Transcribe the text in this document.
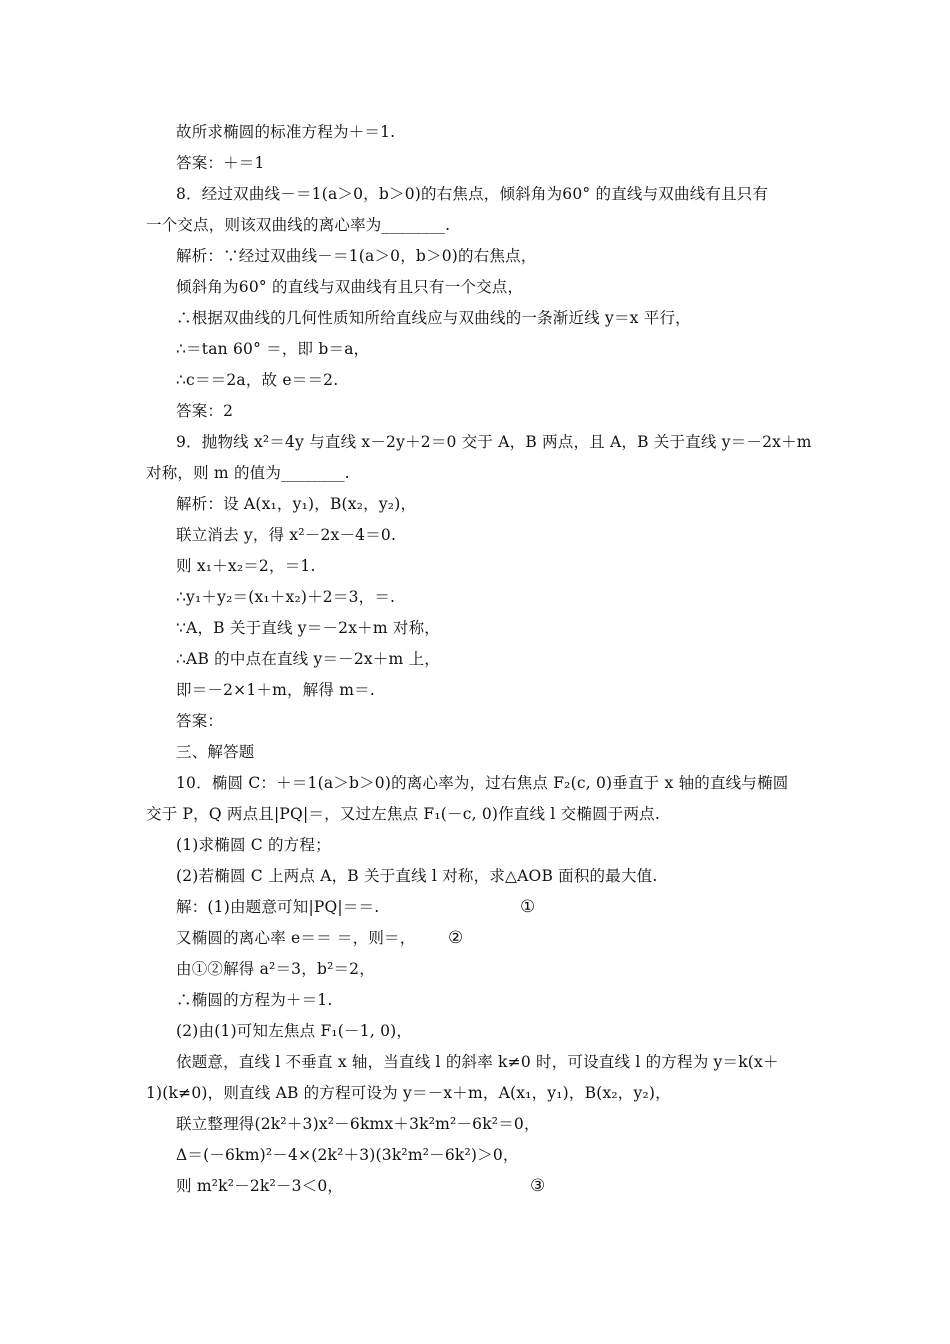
故所求椭圆的标准方程为＋＝1.
答案：＋＝1
8．经过双曲线－＝1(a＞0，b＞0)的右焦点，倾斜角为60° 的直线与双曲线有且只有
一个交点，则该双曲线的离心率为________.
解析：∵经过双曲线－＝1(a＞0，b＞0)的右焦点，
倾斜角为60° 的直线与双曲线有且只有一个交点，
∴根据双曲线的几何性质知所给直线应与双曲线的一条渐近线 y＝x 平行，
∴＝tan 60° ＝，即 b＝a，
∴c＝＝2a，故 e＝＝2.
答案：2
9．抛物线 x²＝4y 与直线 x－2y＋2＝0 交于 A，B 两点，且 A，B 关于直线 y＝－2x＋m
对称，则 m 的值为________.
解析：设 A(x₁，y₁)，B(x₂，y₂)，
联立消去 y，得 x²－2x－4＝0.
则 x₁＋x₂＝2，＝1.
∴y₁＋y₂＝(x₁＋x₂)＋2＝3，＝.
∵A，B 关于直线 y＝－2x＋m 对称，
∴AB 的中点在直线 y＝－2x＋m 上，
即＝－2×1＋m，解得 m＝.
答案：
三、解答题
10．椭圆 C：＋＝1(a＞b＞0)的离心率为，过右焦点 F₂(c, 0)垂直于 x 轴的直线与椭圆
交于 P，Q 两点且|PQ|＝，又过左焦点 F₁(－c, 0)作直线 l 交椭圆于两点.
(1)求椭圆 C 的方程；
(2)若椭圆 C 上两点 A，B 关于直线 l 对称，求△AOB 面积的最大值.
解：(1)由题意可知|PQ|＝＝.	①
又椭圆的离心率 e＝＝ ＝，则＝， ②
由①②解得 a²＝3，b²＝2，
∴椭圆的方程为＋＝1.
(2)由(1)可知左焦点 F₁(－1, 0)，
依题意，直线 l 不垂直 x 轴，当直线 l 的斜率 k≠0 时，可设直线 l 的方程为 y＝k(x＋
1)(k≠0)，则直线 AB 的方程可设为 y＝－x＋m，A(x₁，y₁)，B(x₂，y₂)，
联立整理得(2k²＋3)x²－6kmx＋3k²m²－6k²＝0，
Δ＝(－6km)²－4×(2k²＋3)(3k²m²－6k²)＞0，
则 m²k²－2k²－3＜0，	③
